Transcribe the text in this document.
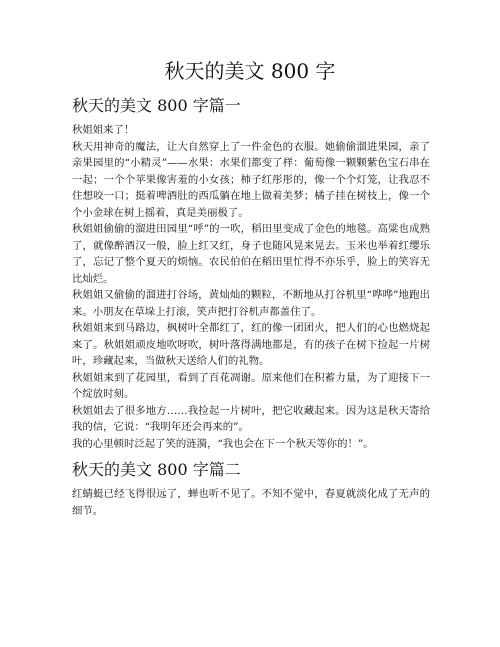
秋天的美文 800 字
秋天的美文 800 字篇一

秋姐姐来了！

秋天用神奇的魔法，让大自然穿上了一件金色的衣服。她偷偷溜进果园，亲了亲果园里的“小精灵”——水果：水果们都变了样：葡萄像一颗颗紫色宝石串在一起；一个个苹果像害羞的小女孩；柿子红彤彤的，像一个个灯笼，让我忍不住想咬一口；挺着啤酒肚的西瓜躺在地上做着美梦；橘子挂在树枝上，像一个个小金球在树上摇着，真是美丽极了。

秋姐姐偷偷的溜进田园里“呼”的一吹，稻田里变成了金色的地毯。高粱也成熟了，就像醉酒汉一般，脸上红又红，身子也随风晃来晃去。玉米也举着红缨乐了，忘记了整个夏天的烦恼。农民伯伯在稻田里忙得不亦乐乎，脸上的笑容无比灿烂。

秋姐姐又偷偷的溜进打谷场，黄灿灿的颗粒，不断地从打谷机里“哗哗”地跑出来。小朋友在草垛上打滚，笑声把打谷机声都盖住了。

秋姐姐来到马路边，枫树叶全都红了，红的像一团团火，把人们的心也燃烧起来了。秋姐姐顽皮地吹呀吹，树叶落得满地都是，有的孩子在树下捡起一片树叶，珍藏起来，当做秋天送给人们的礼物。

秋姐姐来到了花园里，看到了百花凋谢。原来他们在积蓄力量，为了迎接下一个绽放时刻。

秋姐姐去了很多地方……我捡起一片树叶，把它收藏起来。因为这是秋天寄给我的信，它说：“我明年还会再来的”。

我的心里顿时泛起了笑的涟漪，“我也会在下一个秋天等你的！”。

秋天的美文 800 字篇二

红蜻蜓已经飞得很远了，蝉也听不见了。不知不觉中，春夏就淡化成了无声的细节。
